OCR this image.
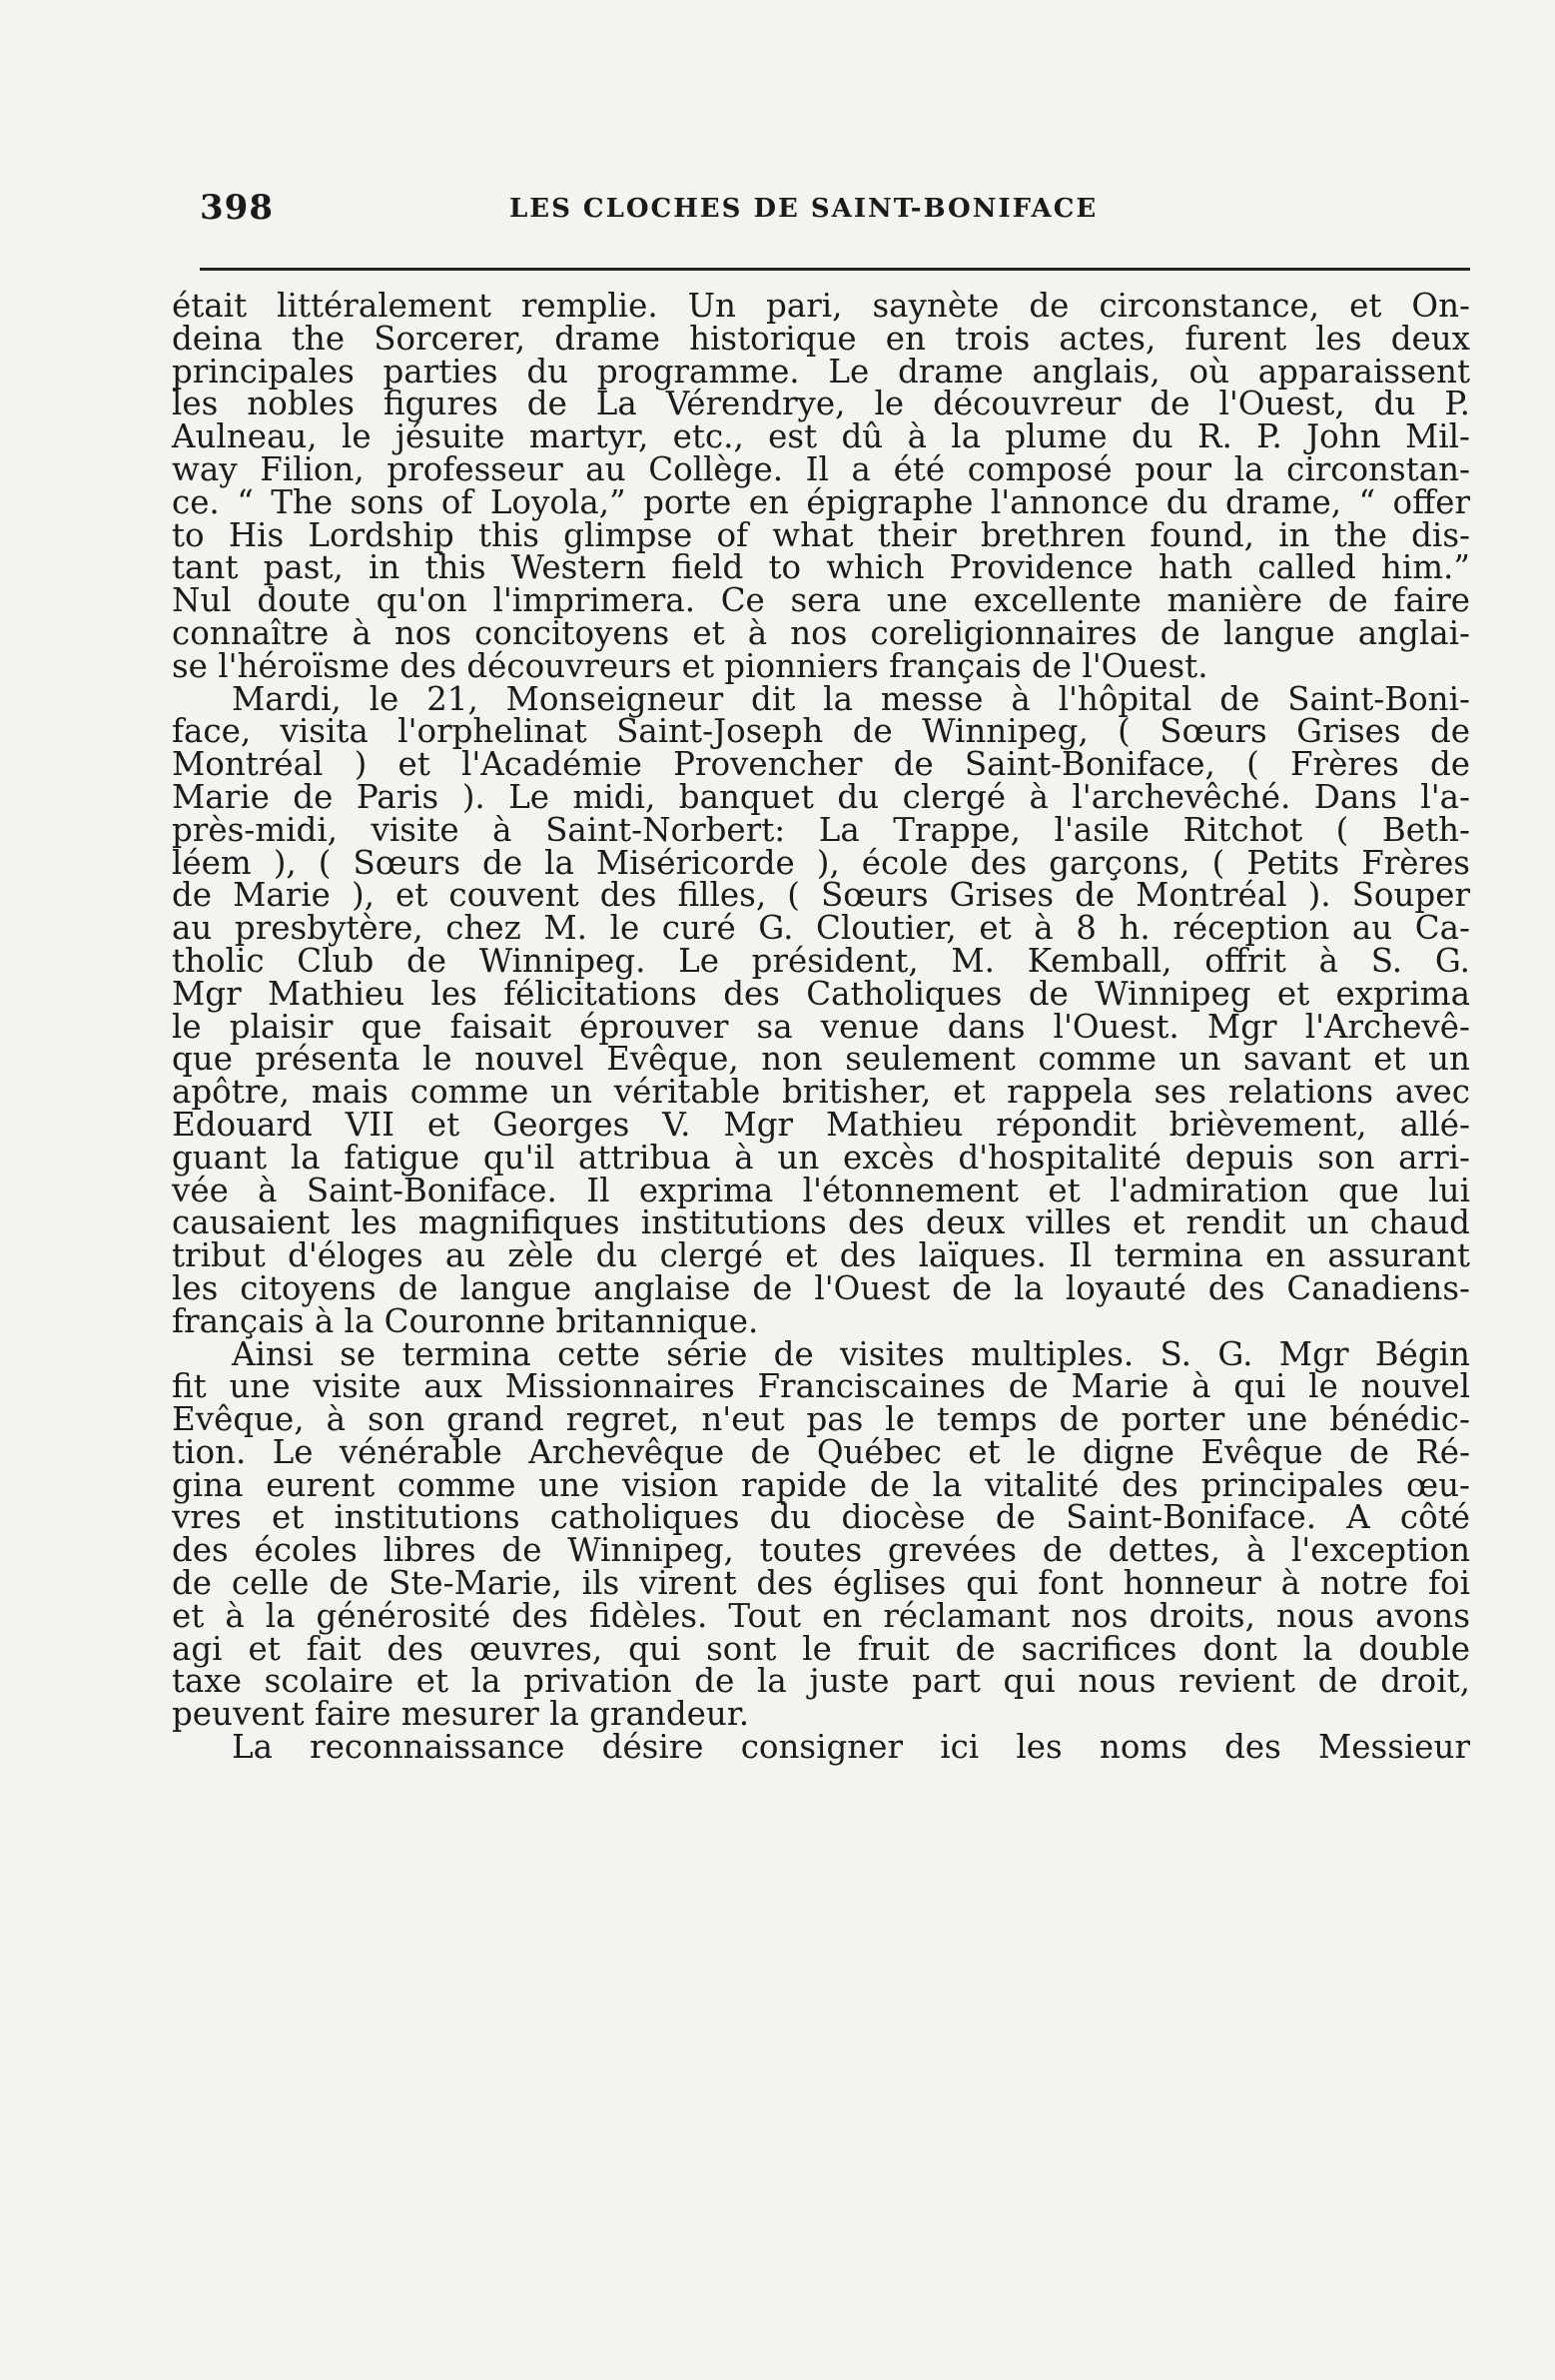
398	LES CLOCHES DE SAINT-BONIFACE
était littéralement remplie. Un pari, saynète de circonstance, et On-
deina the Sorcerer, drame historique en trois actes, furent les deux
principales parties du programme. Le drame anglais, où apparaissent
les nobles figures de La Vérendrye, le découvreur de l'Ouest, du P.
Aulneau, le jésuite martyr, etc., est dû à la plume du R. P. John Mil-
way Filion, professeur au Collège. Il a été composé pour la circonstan-
ce. “ The sons of Loyola,” porte en épigraphe l'annonce du drame, “ offer
to His Lordship this glimpse of what their brethren found, in the dis-
tant past, in this Western field to which Providence hath called him.”
Nul doute qu'on l'imprimera. Ce sera une excellente manière de faire
connaître à nos concitoyens et à nos coreligionnaires de langue anglai-
se l'héroïsme des découvreurs et pionniers français de l'Ouest.
Mardi, le 21, Monseigneur dit la messe à l'hôpital de Saint-Boni-
face, visita l'orphelinat Saint-Joseph de Winnipeg, ( Sœurs Grises de
Montréal ) et l'Académie Provencher de Saint-Boniface, ( Frères de
Marie de Paris ). Le midi, banquet du clergé à l'archevêché. Dans l'a-
près-midi, visite à Saint-Norbert: La Trappe, l'asile Ritchot ( Beth-
léem ), ( Sœurs de la Miséricorde ), école des garçons, ( Petits Frères
de Marie ), et couvent des filles, ( Sœurs Grises de Montréal ). Souper
au presbytère, chez M. le curé G. Cloutier, et à 8 h. réception au Ca-
tholic Club de Winnipeg. Le président, M. Kemball, offrit à S. G.
Mgr Mathieu les félicitations des Catholiques de Winnipeg et exprima
le plaisir que faisait éprouver sa venue dans l'Ouest. Mgr l'Archevê-
que présenta le nouvel Evêque, non seulement comme un savant et un
apôtre, mais comme un véritable britisher, et rappela ses relations avec
Edouard VII et Georges V. Mgr Mathieu répondit brièvement, allé-
guant la fatigue qu'il attribua à un excès d'hospitalité depuis son arri-
vée à Saint-Boniface. Il exprima l'étonnement et l'admiration que lui
causaient les magnifiques institutions des deux villes et rendit un chaud
tribut d'éloges au zèle du clergé et des laïques. Il termina en assurant
les citoyens de langue anglaise de l'Ouest de la loyauté des Canadiens-
français à la Couronne britannique.
Ainsi se termina cette série de visites multiples. S. G. Mgr Bégin
fit une visite aux Missionnaires Franciscaines de Marie à qui le nouvel
Evêque, à son grand regret, n'eut pas le temps de porter une bénédic-
tion. Le vénérable Archevêque de Québec et le digne Evêque de Ré-
gina eurent comme une vision rapide de la vitalité des principales œu-
vres et institutions catholiques du diocèse de Saint-Boniface. A côté
des écoles libres de Winnipeg, toutes grevées de dettes, à l'exception
de celle de Ste-Marie, ils virent des églises qui font honneur à notre foi
et à la générosité des fidèles. Tout en réclamant nos droits, nous avons
agi et fait des œuvres, qui sont le fruit de sacrifices dont la double
taxe scolaire et la privation de la juste part qui nous revient de droit,
peuvent faire mesurer la grandeur.
La reconnaissance désire consigner ici les noms des Messieur
